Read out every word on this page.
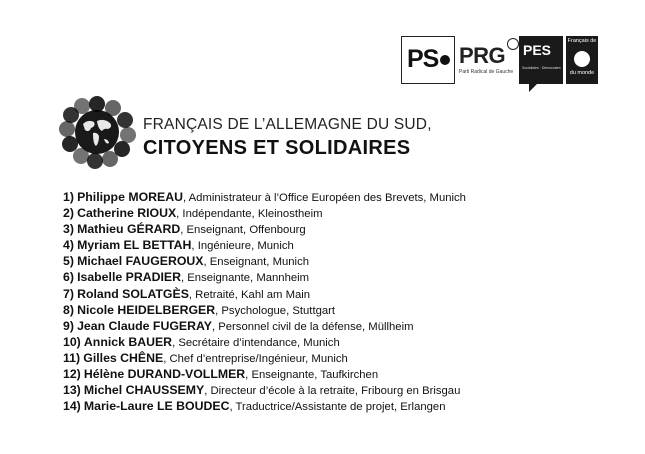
PS PRG
Parti Radical de Gauche
PES
Socialistes · Démocrates
Français de
du monde
FRANÇAIS DE L’ALLEMAGNE DU SUD,
CITOYENS ET SOLIDAIRES
1) Philippe MOREAU, Administrateur à l’Office Européen des Brevets, Munich
2) Catherine RIOUX, Indépendante, Kleinostheim
3) Mathieu GÉRARD, Enseignant, Offenbourg
4) Myriam EL BETTAH, Ingénieure, Munich
5) Michael FAUGEROUX, Enseignant, Munich
6) Isabelle PRADIER, Enseignante, Mannheim
7) Roland SOLATGÈS, Retraité, Kahl am Main
8) Nicole HEIDELBERGER, Psychologue, Stuttgart
9) Jean Claude FUGERAY, Personnel civil de la défense, Müllheim
10) Annick BAUER, Secrétaire d’intendance, Munich
11) Gilles CHÊNE, Chef d’entreprise/Ingénieur, Munich
12) Hélène DURAND-VOLLMER, Enseignante, Taufkirchen
13) Michel CHAUSSEMY, Directeur d’école à la retraite, Fribourg en Brisgau
14) Marie-Laure LE BOUDEC, Traductrice/Assistante de projet, Erlangen
